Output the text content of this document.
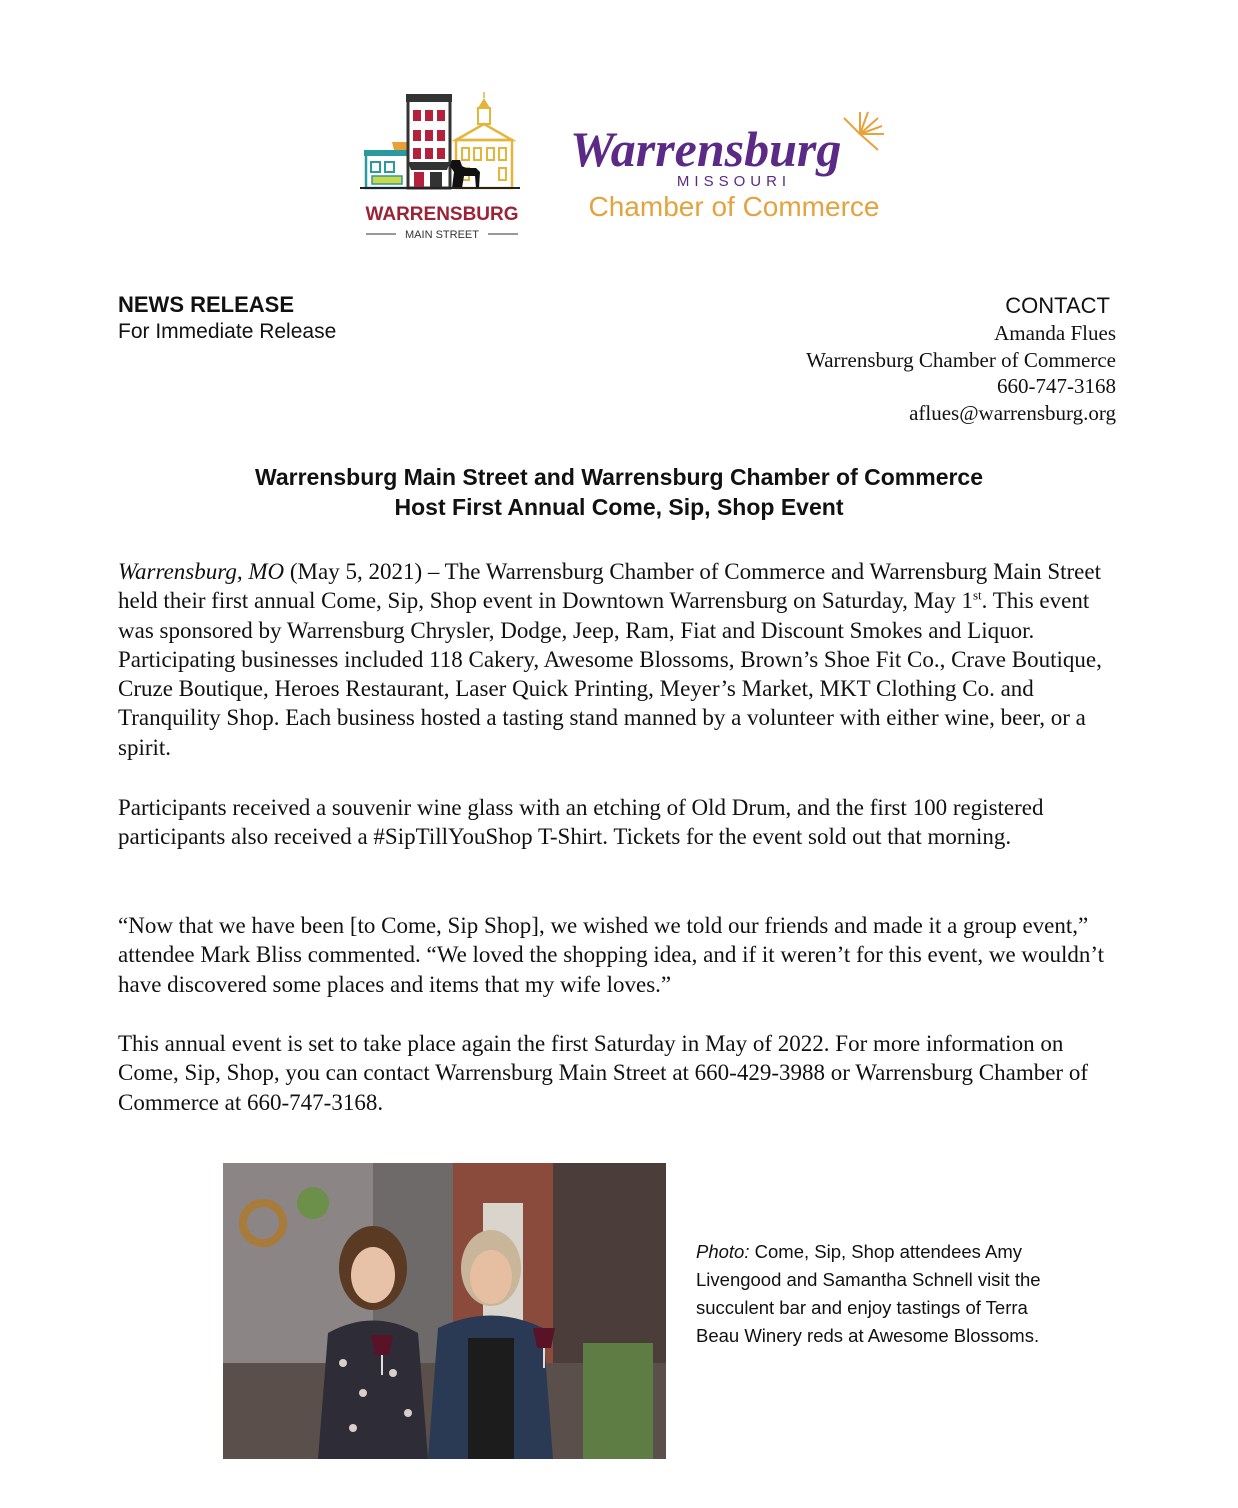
WARRENSBURG
MAIN STREET
Warrensburg
MISSOURI
Chamber of Commerce
NEWS RELEASE
For Immediate Release
CONTACT
Amanda Flues
Warrensburg Chamber of Commerce
660-747-3168
aflues@warrensburg.org
Warrensburg Main Street and Warrensburg Chamber of Commerce
Host First Annual Come, Sip, Shop Event

Warrensburg, MO (May 5, 2021) – The Warrensburg Chamber of Commerce and Warrensburg Main Street held their first annual Come, Sip, Shop event in Downtown Warrensburg on Saturday, May 1st. This event was sponsored by Warrensburg Chrysler, Dodge, Jeep, Ram, Fiat and Discount Smokes and Liquor. Participating businesses included 118 Cakery, Awesome Blossoms, Brown’s Shoe Fit Co., Crave Boutique, Cruze Boutique, Heroes Restaurant, Laser Quick Printing, Meyer’s Market, MKT Clothing Co. and Tranquility Shop. Each business hosted a tasting stand manned by a volunteer with either wine, beer, or a spirit.

Participants received a souvenir wine glass with an etching of Old Drum, and the first 100 registered participants also received a #SipTillYouShop T-Shirt. Tickets for the event sold out that morning.

“Now that we have been [to Come, Sip Shop], we wished we told our friends and made it a group event,” attendee Mark Bliss commented. “We loved the shopping idea, and if it weren’t for this event, we wouldn’t have discovered some places and items that my wife loves.”

This annual event is set to take place again the first Saturday in May of 2022. For more information on Come, Sip, Shop, you can contact Warrensburg Main Street at 660-429-3988 or Warrensburg Chamber of Commerce at 660-747-3168.

Photo: Come, Sip, Shop attendees Amy Livengood and Samantha Schnell visit the succulent bar and enjoy tastings of Terra Beau Winery reds at Awesome Blossoms.
